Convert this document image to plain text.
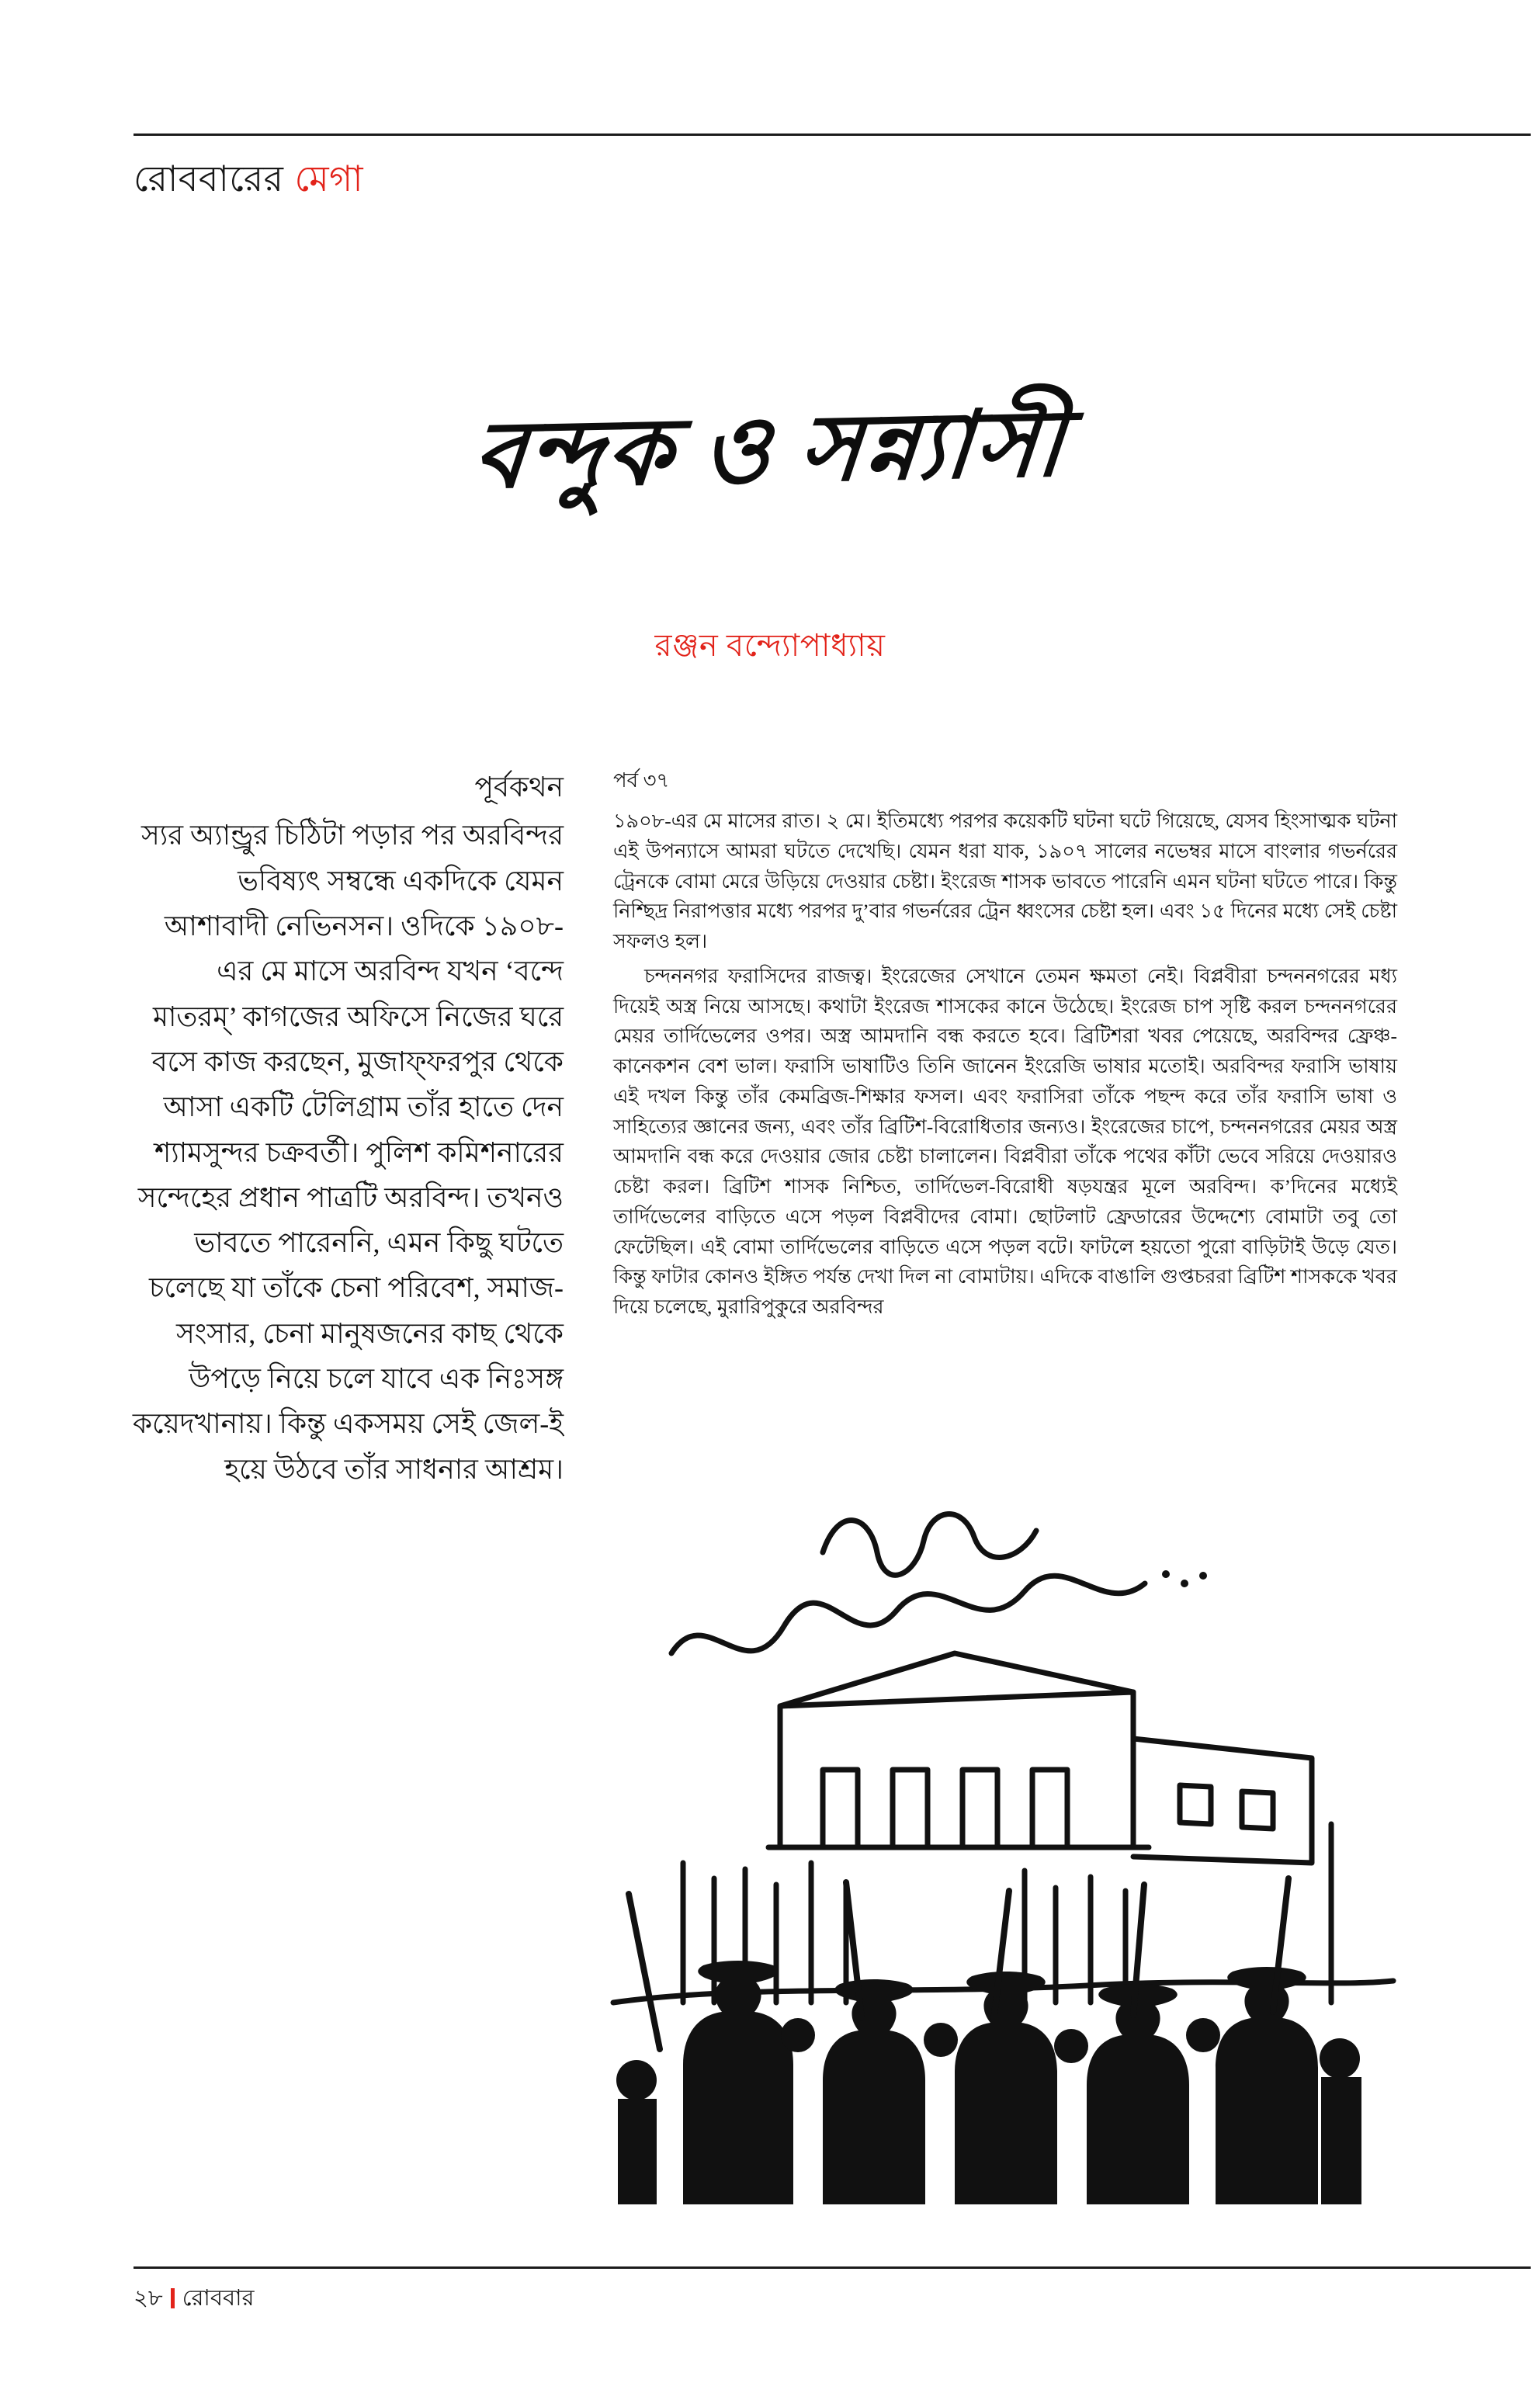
রোববারের মেগা
বন্দুক ও সন্ন্যাসী
রঞ্জন বন্দ্যোপাধ্যায়
পূর্বকথন
স্যর অ্যান্ড্রুর চিঠিটা পড়ার পর অরবিন্দর ভবিষ্যৎ সম্বন্ধে একদিকে যেমন আশাবাদী নেভিনসন। ওদিকে ১৯০৮-এর মে মাসে অরবিন্দ যখন ‘বন্দে মাতরম্‌’ কাগজের অফিসে নিজের ঘরে বসে কাজ করছেন, মুজাফ্ফরপুর থেকে আসা একটি টেলিগ্রাম তাঁর হাতে দেন শ্যামসুন্দর চক্রবর্তী। পুলিশ কমিশনারের সন্দেহের প্রধান পাত্রটি অরবিন্দ। তখনও ভাবতে পারেননি, এমন কিছু ঘটতে চলেছে যা তাঁকে চেনা পরিবেশ, সমাজ-সংসার, চেনা মানুষজনের কাছ থেকে উপড়ে নিয়ে চলে যাবে এক নিঃসঙ্গ কয়েদখানায়। কিন্তু একসময় সেই জেল-ই হয়ে উঠবে তাঁর সাধনার আশ্রম।
পর্ব ৩৭

১৯০৮-এর মে মাসের রাত। ২ মে। ইতিমধ্যে পরপর কয়েকটি ঘটনা ঘটে গিয়েছে, যেসব হিংসাত্মক ঘটনা এই উপন্যাসে আমরা ঘটতে দেখেছি। যেমন ধরা যাক, ১৯০৭ সালের নভেম্বর মাসে বাংলার গভর্নরের ট্রেনকে বোমা মেরে উড়িয়ে দেওয়ার চেষ্টা। ইংরেজ শাসক ভাবতে পারেনি এমন ঘটনা ঘটতে পারে। কিন্তু নিশ্ছিদ্র নিরাপত্তার মধ্যে পরপর দু’বার গভর্নরের ট্রেন ধ্বংসের চেষ্টা হল। এবং ১৫ দিনের মধ্যে সেই চেষ্টা সফলও হল।

চন্দননগর ফরাসিদের রাজত্ব। ইংরেজের সেখানে তেমন ক্ষমতা নেই। বিপ্লবীরা চন্দননগরের মধ্য দিয়েই অস্ত্র নিয়ে আসছে। কথাটা ইংরেজ শাসকের কানে উঠেছে। ইংরেজ চাপ সৃষ্টি করল চন্দননগরের মেয়র তার্দিভেলের ওপর। অস্ত্র আমদানি বন্ধ করতে হবে। ব্রিটিশরা খবর পেয়েছে, অরবিন্দর ফ্রেঞ্চ-কানেকশন বেশ ভাল। ফরাসি ভাষাটিও তিনি জানেন ইংরেজি ভাষার মতোই। অরবিন্দর ফরাসি ভাষায় এই দখল কিন্তু তাঁর কেমব্রিজ-শিক্ষার ফসল। এবং ফরাসিরা তাঁকে পছন্দ করে তাঁর ফরাসি ভাষা ও সাহিত্যের জ্ঞানের জন্য, এবং তাঁর ব্রিটিশ-বিরোধিতার জন্যও। ইংরেজের চাপে, চন্দননগরের মেয়র অস্ত্র আমদানি বন্ধ করে দেওয়ার জোর চেষ্টা চালালেন। বিপ্লবীরা তাঁকে পথের কাঁটা ভেবে সরিয়ে দেওয়ারও চেষ্টা করল। ব্রিটিশ শাসক নিশ্চিত, তার্দিভেল-বিরোধী ষড়যন্ত্রর মূলে অরবিন্দ। ক’দিনের মধ্যেই তার্দিভেলের বাড়িতে এসে পড়ল বিপ্লবীদের বোমা। ছোটলাট ফ্রেডারের উদ্দেশ্যে বোমাটা তবু তো ফেটেছিল। এই বোমা তার্দিভেলের বাড়িতে এসে পড়ল বটে। ফাটলে হয়তো পুরো বাড়িটাই উড়ে যেত। কিন্তু ফাটার কোনও ইঙ্গিত পর্যন্ত দেখা দিল না বোমাটায়। এদিকে বাঙালি গুপ্তচররা ব্রিটিশ শাসককে খবর দিয়ে চলেছে, মুরারিপুকুরে অরবিন্দর

২৮ রোববার
